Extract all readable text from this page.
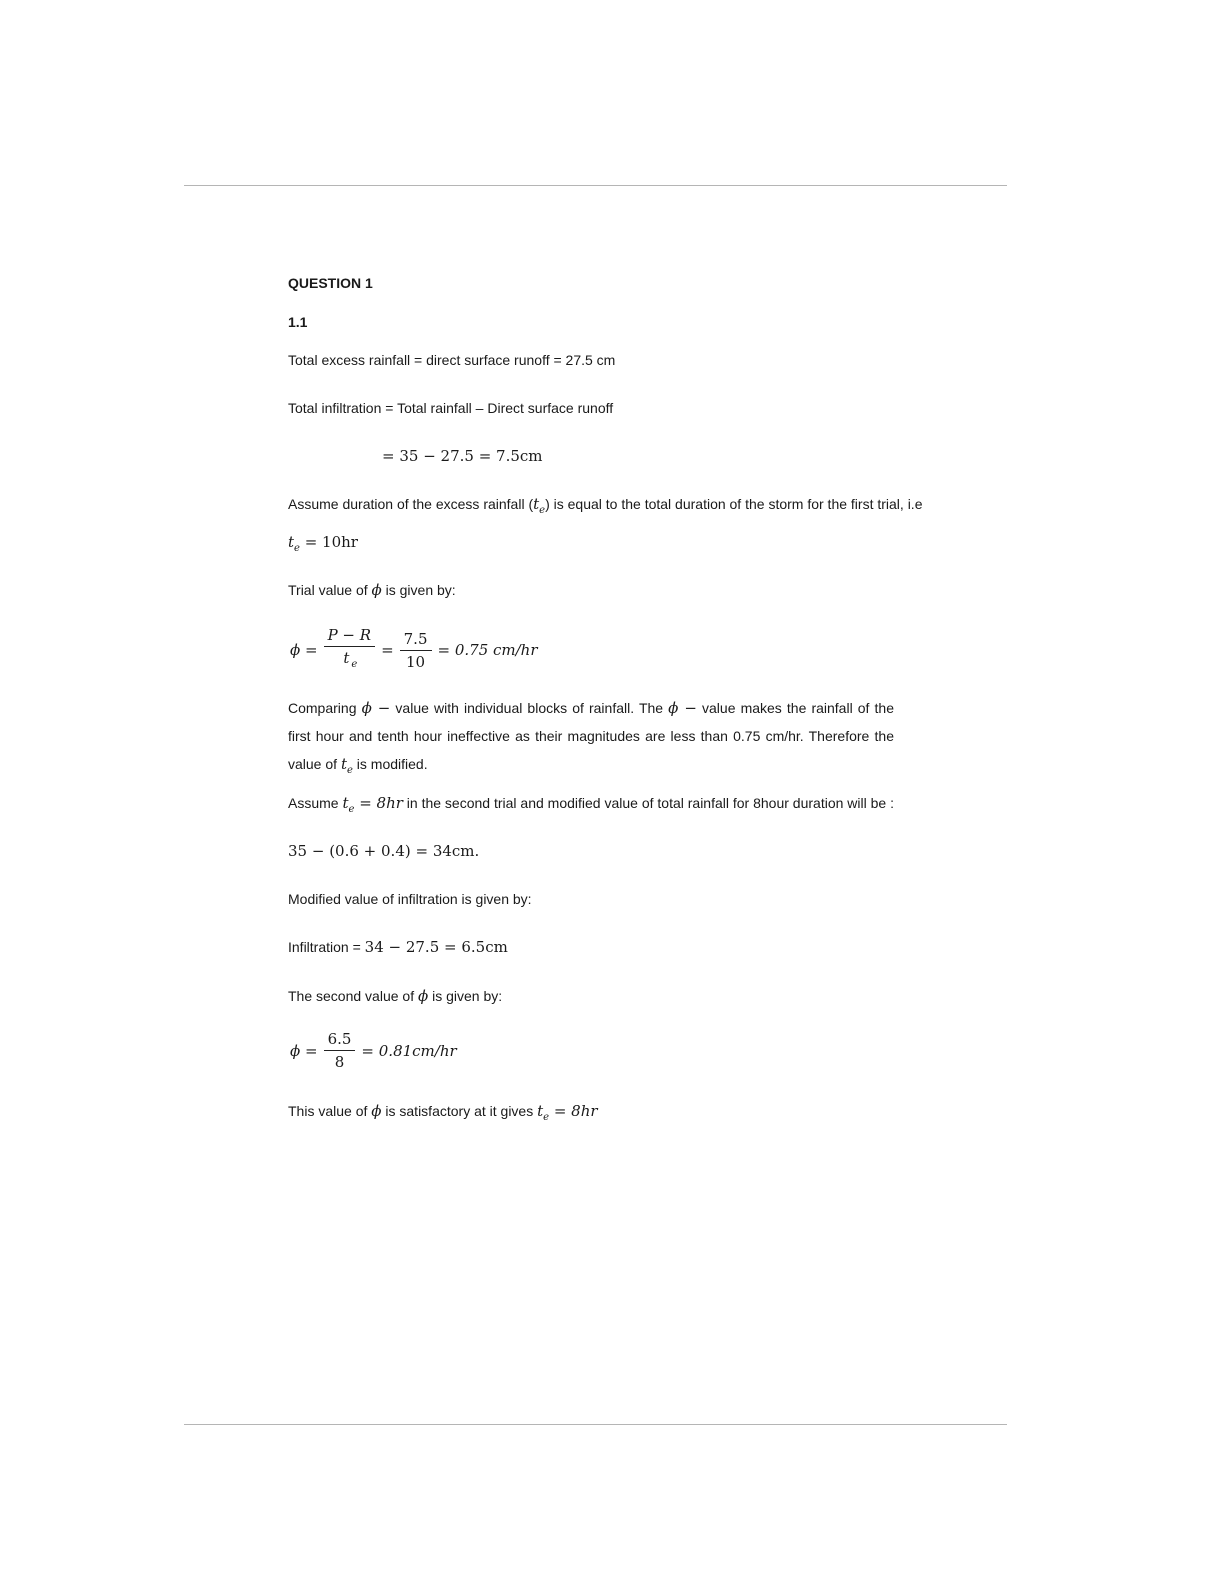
QUESTION 1
1.1
Total excess rainfall = direct surface runoff = 27.5 cm
Total infiltration = Total rainfall – Direct surface runoff
= 35 − 27.5 = 7.5cm
Assume duration of the excess rainfall $(t_e)$ is equal to the total duration of the storm for the first trial, i.e
$t_e = 10hr$
Trial value of ϕ is given by:
$\phi = \frac{P - R}{t _e} = \frac{7.5}{10} = 0.75$ cm/hr
Comparing ϕ − value with individual blocks of rainfall. The ϕ − value makes the rainfall of the first hour and tenth hour ineffective as their magnitudes are less than 0.75 cm/hr. Therefore the value of $t_e$ is modified.
Assume $t_e = 8hr$ in the second trial and modified value of total rainfall for 8hour duration will be :
35 − (0.6 + 0.4) = 34cm.
Modified value of infiltration is given by:
Infiltration = 34 − 27.5 = 6.5cm
The second value of ϕ is given by:
$\phi = \frac{6.5}{8} = 0.81cm/hr$
This value of ϕ is satisfactory at it gives $t_e = 8hr$
